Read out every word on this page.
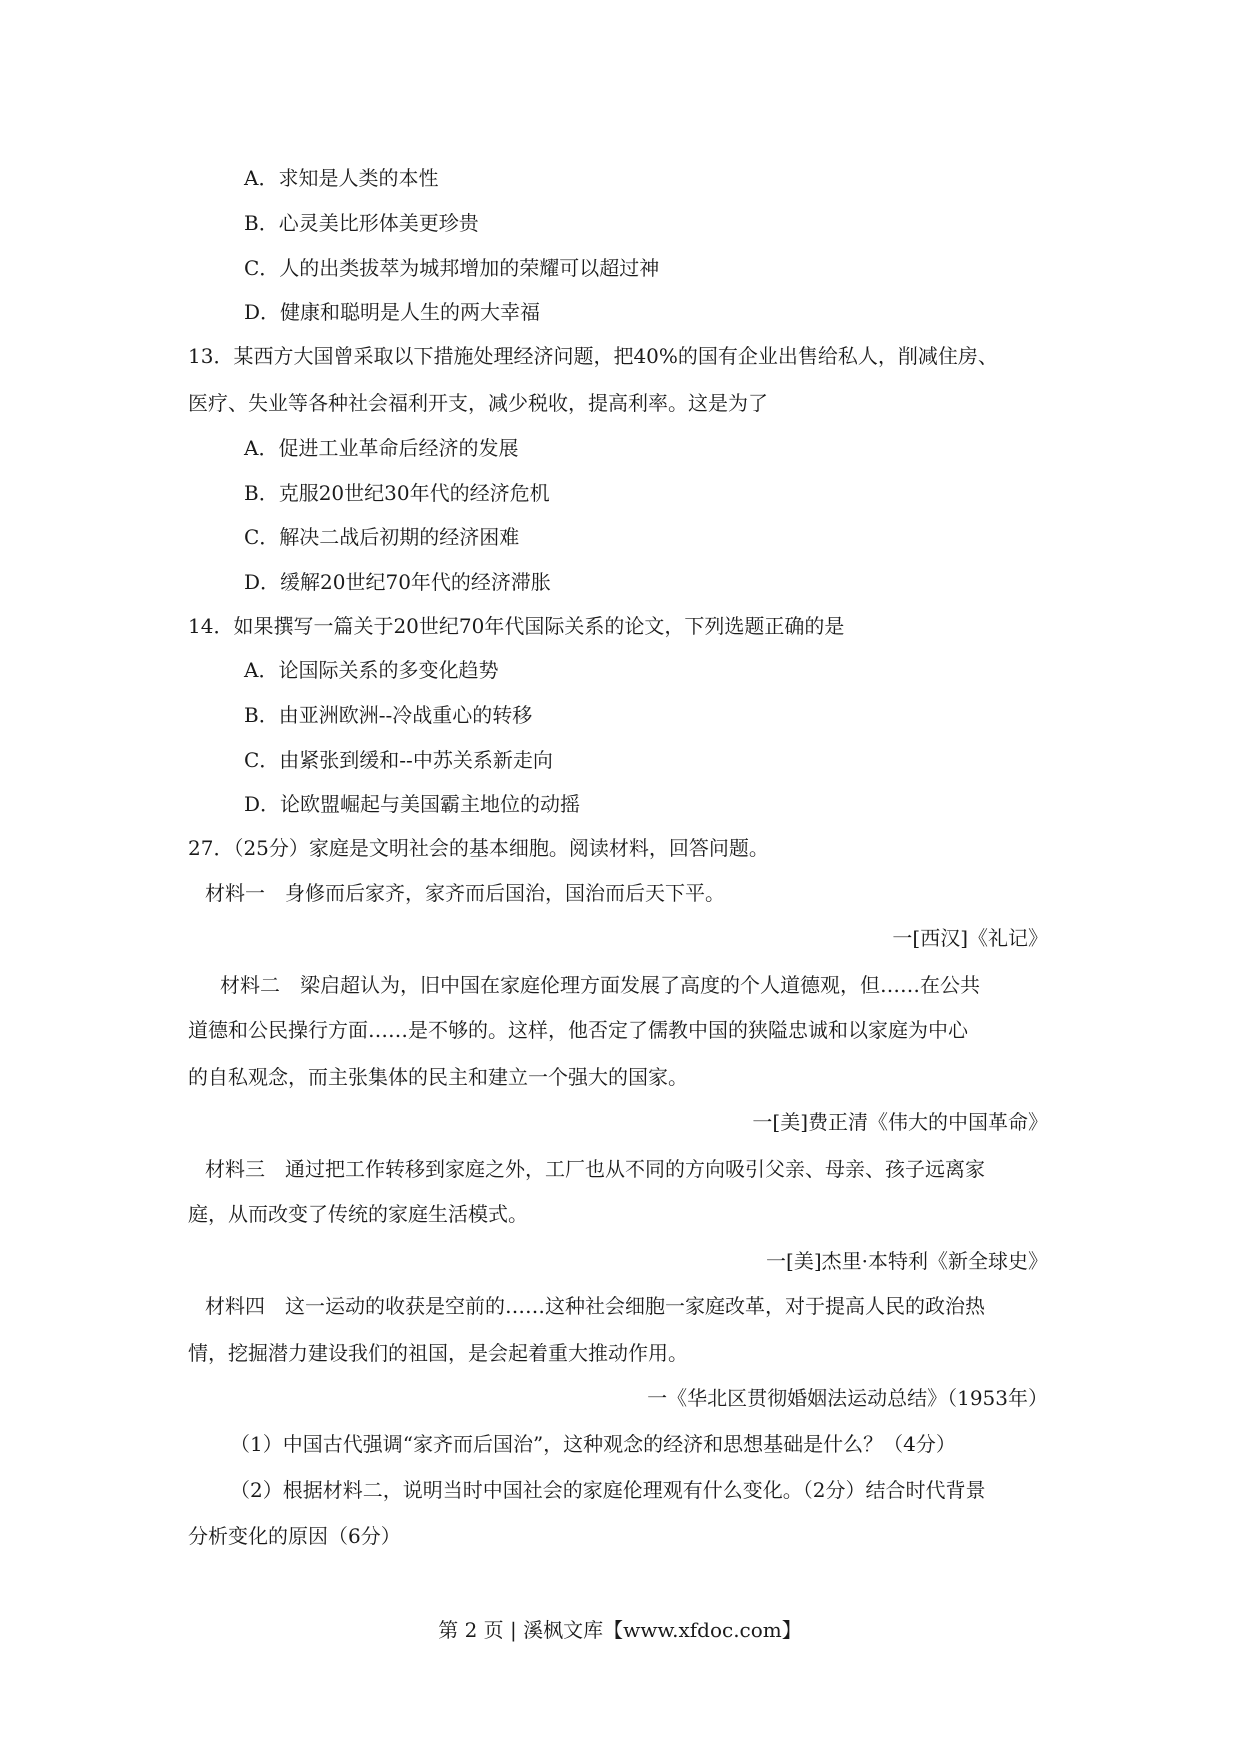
A．求知是人类的本性
B．心灵美比形体美更珍贵
C．人的出类拔萃为城邦增加的荣耀可以超过神
D．健康和聪明是人生的两大幸福
13．某西方大国曾采取以下措施处理经济问题，把40%的国有企业出售给私人，削减住房、
医疗、失业等各种社会福利开支，减少税收，提高利率。这是为了
A．促进工业革命后经济的发展
B．克服20世纪30年代的经济危机
C．解决二战后初期的经济困难
D．缓解20世纪70年代的经济滞胀
14．如果撰写一篇关于20世纪70年代国际关系的论文，下列选题正确的是
A．论国际关系的多变化趋势
B．由亚洲欧洲--冷战重心的转移
C．由紧张到缓和--中苏关系新走向
D．论欧盟崛起与美国霸主地位的动摇
27．（25分）家庭是文明社会的基本细胞。阅读材料，回答问题。
材料一　身修而后家齐，家齐而后国治，国治而后天下平。
一[西汉]《礼记》
材料二　梁启超认为，旧中国在家庭伦理方面发展了高度的个人道德观，但……在公共
道德和公民操行方面……是不够的。这样，他否定了儒教中国的狭隘忠诚和以家庭为中心
的自私观念，而主张集体的民主和建立一个强大的国家。
一[美]费正清《伟大的中国革命》
材料三　通过把工作转移到家庭之外，工厂也从不同的方向吸引父亲、母亲、孩子远离家
庭，从而改变了传统的家庭生活模式。
一[美]杰里·本特利《新全球史》
材料四　这一运动的收获是空前的……这种社会细胞一家庭改革，对于提高人民的政治热
情，挖掘潜力建设我们的祖国，是会起着重大推动作用。
一《华北区贯彻婚姻法运动总结》（1953年）
（1）中国古代强调“家齐而后国治”，这种观念的经济和思想基础是什么？（4分）
（2）根据材料二，说明当时中国社会的家庭伦理观有什么变化。（2分）结合时代背景
分析变化的原因（6分）
第 2 页 | 溪枫文库【www.xfdoc.com】
